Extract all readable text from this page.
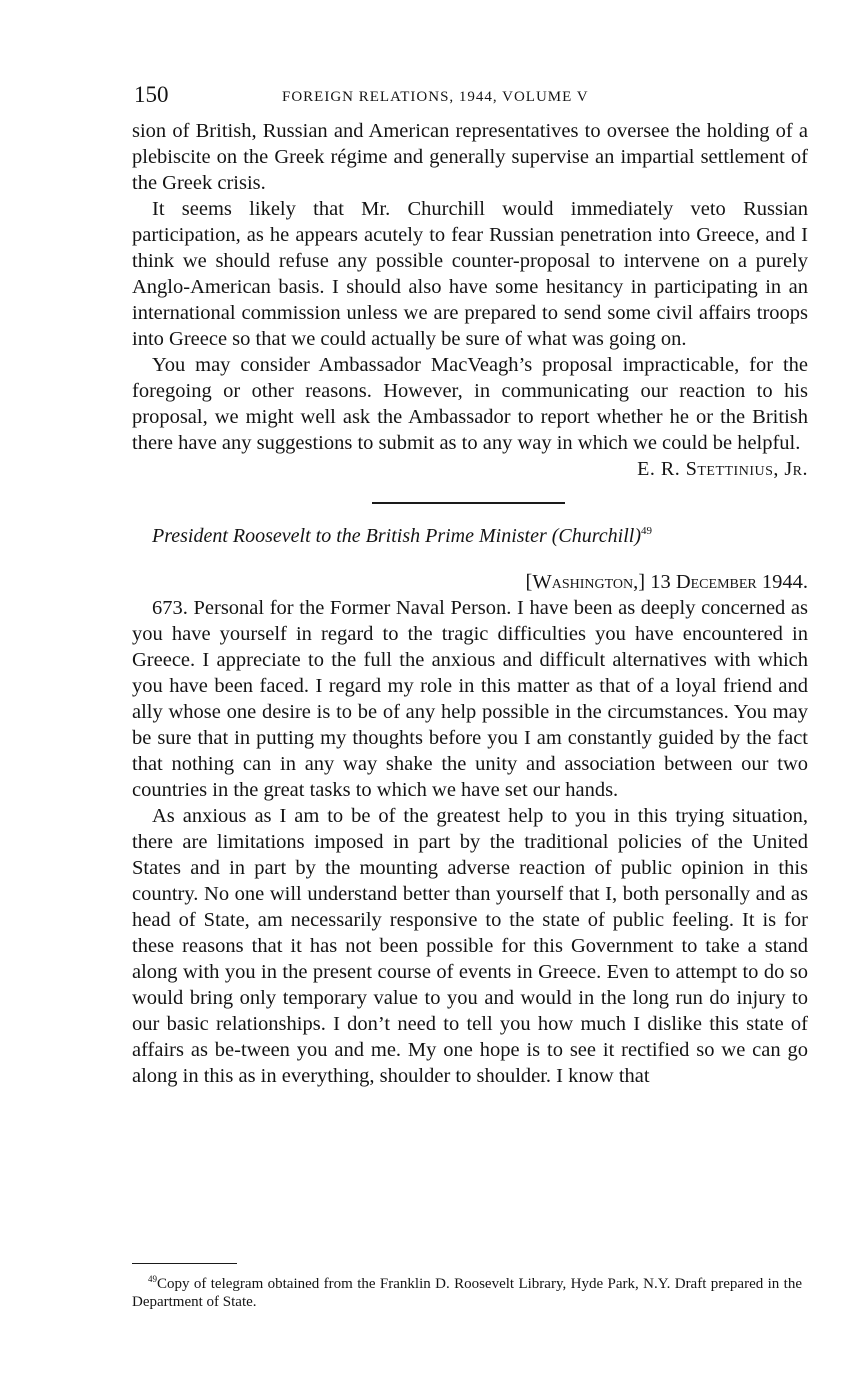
150	FOREIGN RELATIONS, 1944, VOLUME V

sion of British, Russian and American representatives to oversee the holding of a plebiscite on the Greek régime and generally supervise an impartial settlement of the Greek crisis.

It seems likely that Mr. Churchill would immediately veto Russian participation, as he appears acutely to fear Russian penetration into Greece, and I think we should refuse any possible counter-proposal to intervene on a purely Anglo-American basis. I should also have some hesitancy in participating in an international commission unless we are prepared to send some civil affairs troops into Greece so that we could actually be sure of what was going on.

You may consider Ambassador MacVeagh’s proposal impracticable, for the foregoing or other reasons. However, in communicating our reaction to his proposal, we might well ask the Ambassador to report whether he or the British there have any suggestions to submit as to any way in which we could be helpful.

E. R. Stettinius, Jr.
President Roosevelt to the British Prime Minister (Churchill)$^{49}$
[Washington,] 13 December 1944.

673. Personal for the Former Naval Person. I have been as deeply concerned as you have yourself in regard to the tragic difficulties you have encountered in Greece. I appreciate to the full the anxious and difficult alternatives with which you have been faced. I regard my role in this matter as that of a loyal friend and ally whose one desire is to be of any help possible in the circumstances. You may be sure that in putting my thoughts before you I am constantly guided by the fact that nothing can in any way shake the unity and association between our two countries in the great tasks to which we have set our hands.

As anxious as I am to be of the greatest help to you in this trying situation, there are limitations imposed in part by the traditional policies of the United States and in part by the mounting adverse reaction of public opinion in this country. No one will understand better than yourself that I, both personally and as head of State, am necessarily responsive to the state of public feeling. It is for these reasons that it has not been possible for this Government to take a stand along with you in the present course of events in Greece. Even to attempt to do so would bring only temporary value to you and would in the long run do injury to our basic relationships. I don’t need to tell you how much I dislike this state of affairs as be-tween you and me. My one hope is to see it rectified so we can go along in this as in everything, shoulder to shoulder. I know that

$^{49}$Copy of telegram obtained from the Franklin D. Roosevelt Library, Hyde Park, N.Y. Draft prepared in the Department of State.
